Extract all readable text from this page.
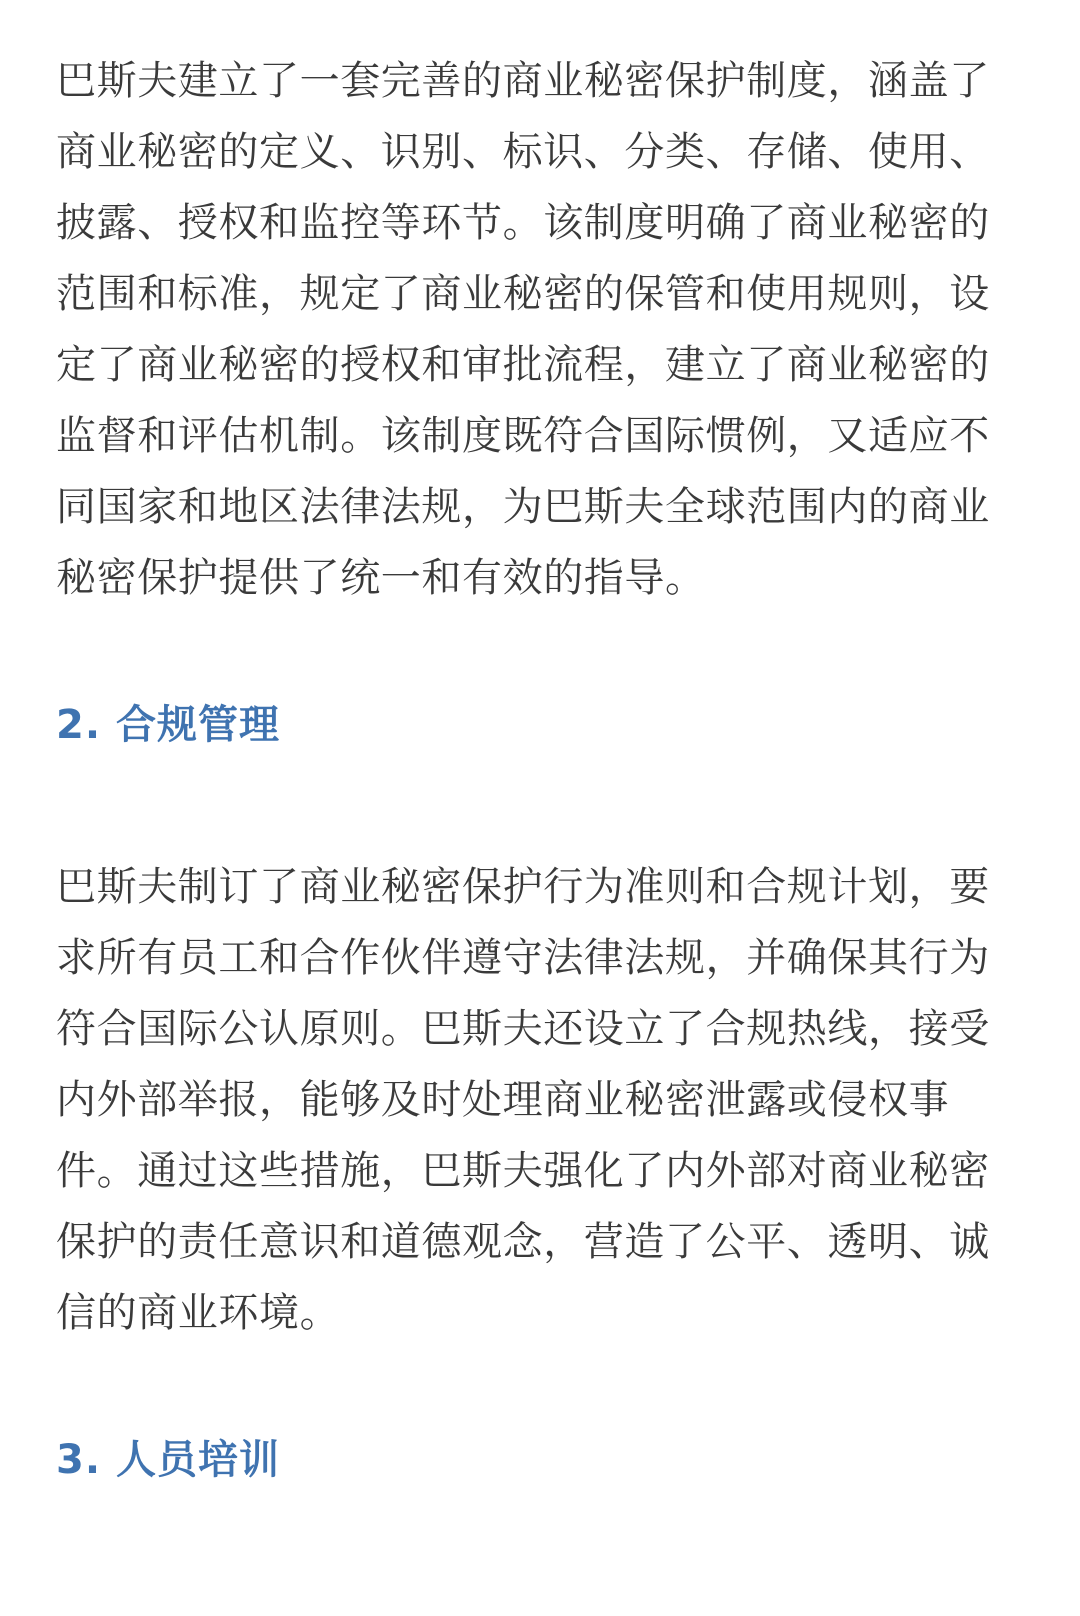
巴斯夫建立了一套完善的商业秘密保护制度，涵盖了
商业秘密的定义、识别、标识、分类、存储、使用、
披露、授权和监控等环节。该制度明确了商业秘密的
范围和标准，规定了商业秘密的保管和使用规则，设
定了商业秘密的授权和审批流程，建立了商业秘密的
监督和评估机制。该制度既符合国际惯例，又适应不
同国家和地区法律法规，为巴斯夫全球范围内的商业
秘密保护提供了统一和有效的指导。

2. 合规管理

巴斯夫制订了商业秘密保护行为准则和合规计划，要
求所有员工和合作伙伴遵守法律法规，并确保其行为
符合国际公认原则。巴斯夫还设立了合规热线，接受
内外部举报，能够及时处理商业秘密泄露或侵权事
件。通过这些措施，巴斯夫强化了内外部对商业秘密
保护的责任意识和道德观念，营造了公平、透明、诚
信的商业环境。

3. 人员培训
